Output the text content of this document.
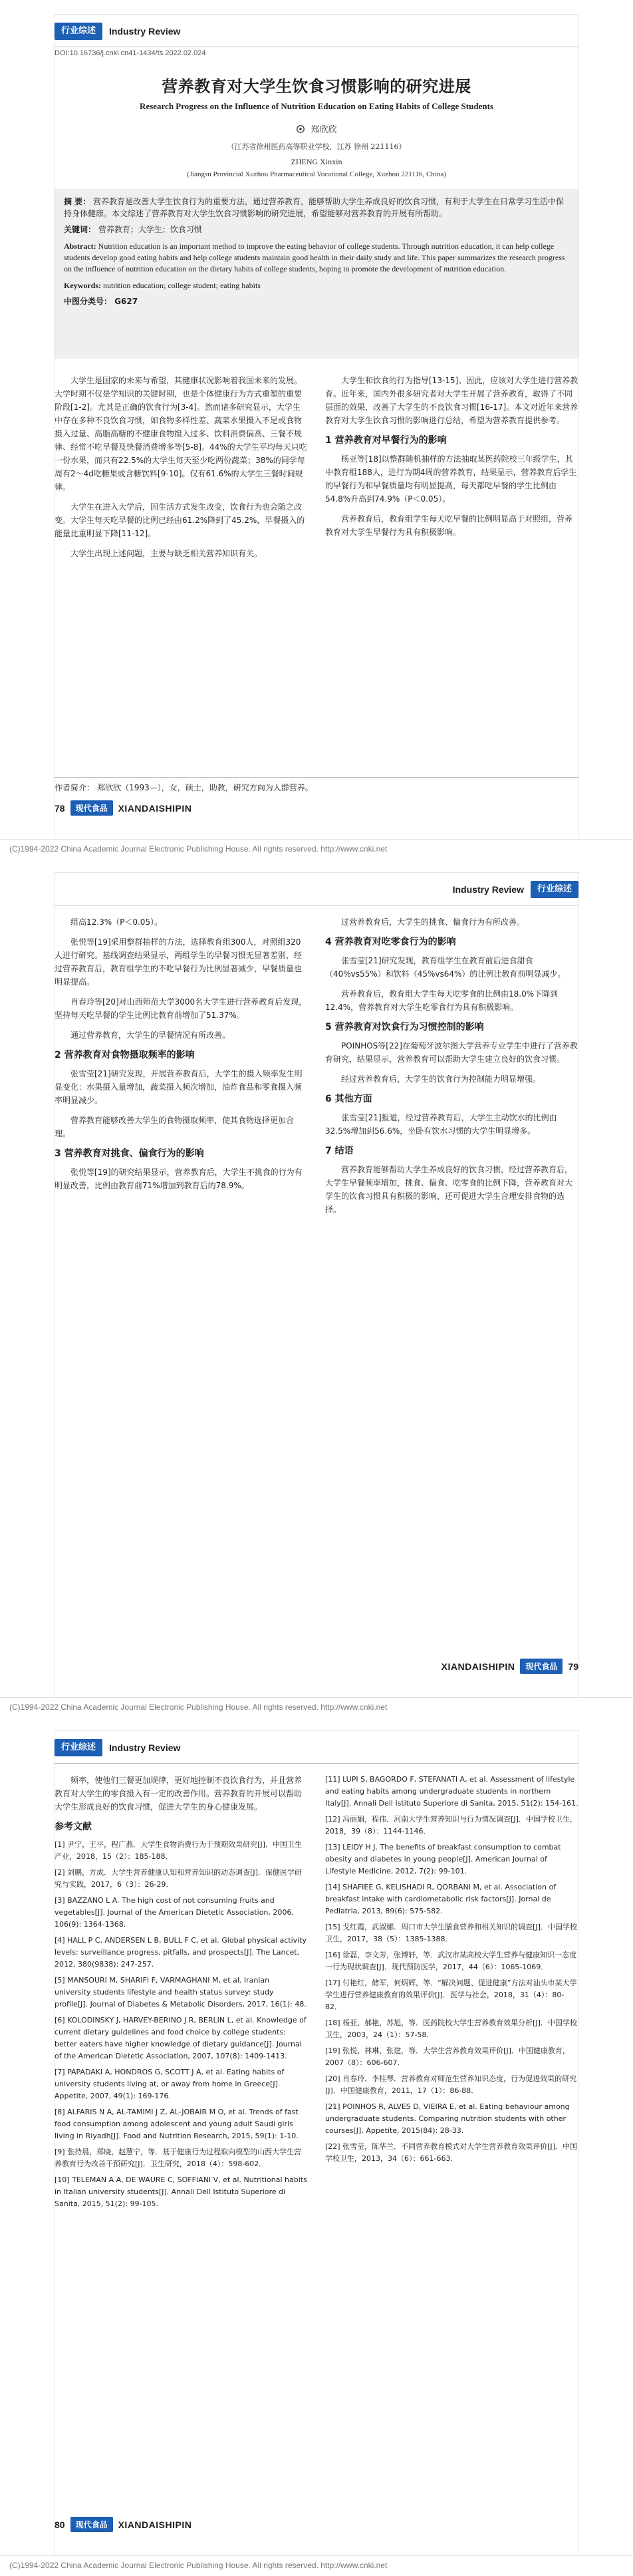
行业综述	Industry Review
DOI:10.16736/j.cnki.cn41-1434/ts.2022.02.024
营养教育对大学生饮食习惯影响的研究进展
Research Progress on the Influence of Nutrition Education on Eating Habits of College Students
郑欣欣
（江苏省徐州医药高等职业学校，江苏 徐州 221116）
ZHENG Xinxin
(Jiangsu Provincial Xuzhou Pharmaceutical Vocational College, Xuzhou 221116, China)

摘 要： 营养教育是改善大学生饮食行为的重要方法，通过营养教育，能够帮助大学生养成良好的饮食习惯，有利于大学生在日常学习生活中保持身体健康。本文综述了营养教育对大学生饮食习惯影响的研究进展，希望能够对营养教育的开展有所帮助。

关键词： 营养教育；大学生；饮食习惯

Abstract: Nutrition education is an important method to improve the eating behavior of college students. Through nutrition education, it can help college students develop good eating habits and help college students maintain good health in their daily study and life. This paper summarizes the research progress on the influence of nutrition education on the dietary habits of college students, hoping to promote the development of nutrition education.

Keywords: nutrition education; college student; eating habits

中图分类号： G627

大学生是国家的未来与希望，其健康状况影响着我国未来的发展。大学时期不仅是学知识的关键时期，也是个体健康行为方式重塑的重要阶段[1-2]。尤其是正确的饮食行为[3-4]。然而诸多研究显示，大学生中存在多种不良饮食习惯，如食物多样性差、蔬菜水果摄入不足或食物摄入过量、高脂高糖的不健康食物摄入过多、饮料消费偏高、三餐不规律、经常不吃早餐及快餐消费增多等[5-8]。44%的大学生平均每天只吃一份水果，而只有22.5%的大学生每天至少吃两份蔬菜；38%的同学每周有2～4d吃糖果或含糖饮料[9-10]。仅有61.6%的大学生三餐时间规律。

大学生在进入大学后，因生活方式发生改变，饮食行为也会随之改变。大学生每天吃早餐的比例已经由61.2%降到了45.2%，早餐摄入的能量比重明显下降[11-12]。

大学生出现上述问题，主要与缺乏相关营养知识有关。

大学生和饮食的行为指导[13-15]。因此，应该对大学生进行营养教育。近年来，国内外很多研究者对大学生开展了营养教育，取得了不同层面的效果，改善了大学生的不良饮食习惯[16-17]。本文对近年来营养教育对大学生饮食习惯的影响进行总结，希望为营养教育提供参考。

1 营养教育对早餐行为的影响

杨亚等[18]以整群随机抽样的方法抽取某医药院校三年级学生，其中教育组188人，进行为期4周的营养教育，结果显示，营养教育后学生的早餐行为和早餐质量均有明显提高，每天都吃早餐的学生比例由54.8%升高到74.9%（P＜0.05）。

营养教育后，教育组学生每天吃早餐的比例明显高于对照组，营养教育对大学生早餐行为具有积极影响。

作者简介： 郑欣欣（1993—），女，硕士，助教，研究方向为人群营养。
78	现代食品	XIANDAISHIPIN
(C)1994-2022 China Academic Journal Electronic Publishing House. All rights reserved. http://www.cnki.net
Industry Review	行业综述

组高12.3%（P＜0.05）。

张悦等[19]采用整群抽样的方法，选择教育组300人，对照组320人进行研究。基线调查结果显示，两组学生的早餐习惯无显著差别，经过营养教育后，教育组学生的不吃早餐行为比例显著减少，早餐质量也明显提高。

肖春玲等[20]对山西师范大学3000名大学生进行营养教育后发现，坚持每天吃早餐的学生比例比教育前增加了51.37%。

通过营养教育，大学生的早餐情况有所改善。

2 营养教育对食物摄取频率的影响

张雪莹[21]研究发现，开展营养教育后，大学生的摄入频率发生明显变化：水果摄入量增加，蔬菜摄入频次增加，油炸食品和零食摄入频率明显减少。

营养教育能够改善大学生的食物摄取频率，使其食物选择更加合理。

3 营养教育对挑食、偏食行为的影响

张悦等[19]的研究结果显示，营养教育后，大学生不挑食的行为有明显改善，比例由教育前71%增加到教育后的78.9%。

过营养教育后，大学生的挑食、偏食行为有所改善。

4 营养教育对吃零食行为的影响

张雪莹[21]研究发现，教育组学生在教育前后进食甜食（40%vs55%）和饮料（45%vs64%）的比例比教育前明显减少。

营养教育后，教育组大学生每天吃零食的比例由18.0%下降到12.4%，营养教育对大学生吃零食行为具有积极影响。

5 营养教育对饮食行为习惯控制的影响

POINHOS等[22]在葡萄牙波尔图大学营养专业学生中进行了营养教育研究，结果显示，营养教育可以帮助大学生建立良好的饮食习惯。

经过营养教育后，大学生的饮食行为控制能力明显增强。

6 其他方面

张雪莹[21]报道，经过营养教育后，大学生主动饮水的比例由32.5%增加到56.6%，坐卧有饮水习惯的大学生明显增多。

7 结语

营养教育能够帮助大学生养成良好的饮食习惯，经过营养教育后，大学生早餐频率增加，挑食、偏食、吃零食的比例下降，营养教育对大学生的饮食习惯具有积极的影响，还可促进大学生合理安排食物的选择。

XIANDAISHIPIN	现代食品	79
(C)1994-2022 China Academic Journal Electronic Publishing House. All rights reserved. http://www.cnki.net
行业综述	Industry Review

频率，使他们三餐更加规律，更好地控制不良饮食行为，并且营养教育对大学生的零食摄入有一定的改善作用。营养教育的开展可以帮助大学生形成良好的饮食习惯，促进大学生的身心健康发展。

参考文献
[1] 尹宁，王平，程广燕．大学生食物消费行为于预期效果研究[J]．中国卫生产业，2018，15（2）：185-188．
[2] 刘鹏，方成．大学生营养健康认知和营养知识的动态调查[J]．保健医学研究与实践，2017，6（3）：26-29．
[3] BAZZANO L A. The high cost of not consuming fruits and vegetables[J]. Journal of the American Dietetic Association, 2006, 106(9): 1364-1368.
[4] HALL P C, ANDERSEN L B, BULL F C, et al. Global physical activity levels: surveillance progress, pitfalls, and prospects[J]. The Lancet, 2012, 380(9838): 247-257.
[5] MANSOURI M, SHARIFI F, VARMAGHANI M, et al. Iranian university students lifestyle and health status survey: study profile[J]. Journal of Diabetes & Metabolic Disorders, 2017, 16(1): 48.
[6] KOLODINSKY J, HARVEY-BERINO J R, BERLIN L, et al. Knowledge of current dietary guidelines and food choice by college students: better eaters have higher knowledge of dietary guidance[J]. Journal of the American Dietetic Association, 2007, 107(8): 1409-1413.
[7] PAPADAKI A, HONDROS G, SCOTT J A, et al. Eating habits of university students living at, or away from home in Greece[J]. Appetite, 2007, 49(1): 169-176.
[8] ALFARIS N A, AL-TAMIMI J Z, AL-JOBAIR M O, et al. Trends of fast food consumption among adolescent and young adult Saudi girls living in Riyadh[J]. Food and Nutrition Research, 2015, 59(1): 1-10.
[9] 张持晨，郑晓，赵慧宁，等．基于健康行为过程取向模型的山西大学生营养教育行为改善干预研究[J]．卫生研究，2018（4）：598-602．
[10] TELEMAN A A, DE WAURE C, SOFFIANI V, et al. Nutritional habits in Italian university students[J]. Annali Dell Istituto Superiore di Sanita, 2015, 51(2): 99-105.
[11] LUPI S, BAGORDO F, STEFANATI A, et al. Assessment of lifestyle and eating habits among undergraduate students in northern Italy[J]. Annali Dell Istituto Superiore di Sanita, 2015, 51(2): 154-161.
[12] 冯丽娟，程伟．河南大学生营养知识与行为情况调查[J]．中国学校卫生，2018，39（8）：1144-1146．
[13] LEIDY H J. The benefits of breakfast consumption to combat obesity and diabetes in young people[J]. American Journal of Lifestyle Medicine, 2012, 7(2): 99-101.
[14] SHAFIEE G, KELISHADI R, QORBANI M, et al. Association of breakfast intake with cardiometabolic risk factors[J]. Jornal de Pediatria, 2013, 89(6): 575-582.
[15] 戈红霞，武淑娜．周口市大学生膳食营养和相关知识的调查[J]．中国学校卫生，2017，38（5）：1385-1388．
[16] 徐磊，李文芳，张博轩，等．武汉市某高校大学生营养与健康知识一态度一行为现状调查[J]．现代预防医学，2017，44（6）：1065-1069．
[17] 付艳红，储军，何炳辉，等．“解决问题、促进健康”方法对汕头市某大学学生进行营养健康教育的效果评价[J]．医学与社会，2018，31（4）：80-82．
[18] 杨亚，郝艳，苏旭，等．医药院校大学生营养教育效果分析[J]．中国学校卫生，2003，24（1）：57-58．
[19] 张悦，林琳，张建，等．大学生营养教育效果评价[J]．中国健康教育，2007（8）：606-607．
[20] 肖春玲．李桂琴．营养教育对师范生营养知识态度，行为促进效果的研究[J]．中国健康教育，2011，17（1）：86-88．
[21] POINHOS R, ALVES D, VIEIRA E, et al. Eating behaviour among undergraduate students. Comparing nutrition students with other courses[J]. Appetite, 2015(84): 28-33.
[22] 张雪莹，陈华兰．不同营养教育模式对大学生营养教育效果评价[J]．中国学校卫生，2013，34（6）：661-663．
80	现代食品	XIANDAISHIPIN
(C)1994-2022 China Academic Journal Electronic Publishing House. All rights reserved. http://www.cnki.net
